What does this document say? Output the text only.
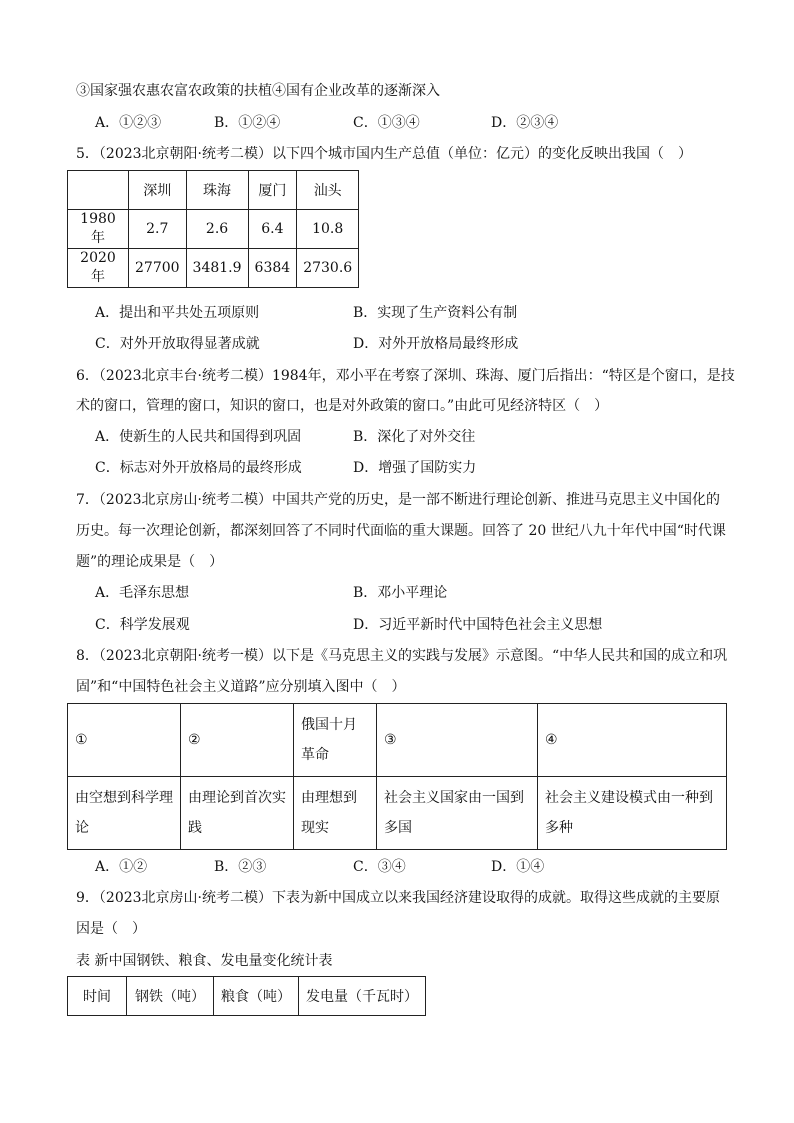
③国家强农惠农富农政策的扶植④国有企业改革的逐渐深入
A．①②③	B．①②④	C．①③④	D．②③④
5．（2023北京朝阳·统考二模）以下四个城市国内生产总值（单位：亿元）的变化反映出我国（　）
	深圳	珠海	厦门	汕头
1980年	2.7	2.6	6.4	10.8
2020年	27700	3481.9	6384	2730.6
A．提出和平共处五项原则	B．实现了生产资料公有制
C．对外开放取得显著成就	D．对外开放格局最终形成
6．（2023北京丰台·统考二模）1984年，邓小平在考察了深圳、珠海、厦门后指出：“特区是个窗口，是技
术的窗口，管理的窗口，知识的窗口，也是对外政策的窗口。”由此可见经济特区（　）
A．使新生的人民共和国得到巩固	B．深化了对外交往
C．标志对外开放格局的最终形成	D．增强了国防实力
7．（2023北京房山·统考二模）中国共产党的历史，是一部不断进行理论创新、推进马克思主义中国化的
历史。每一次理论创新，都深刻回答了不同时代面临的重大课题。回答了 20 世纪八九十年代中国“时代课
题”的理论成果是（　）
A．毛泽东思想	B．邓小平理论
C．科学发展观	D．习近平新时代中国特色社会主义思想
8．（2023北京朝阳·统考一模）以下是《马克思主义的实践与发展》示意图。“中华人民共和国的成立和巩
固”和“中国特色社会主义道路”应分别填入图中（　）
①	②	俄国十月革命	③	④
由空想到科学理论	由理论到首次实践	由理想到现实	社会主义国家由一国到多国	社会主义建设模式由一种到多种
A．①②	B．②③	C．③④	D．①④
9．（2023北京房山·统考二模）下表为新中国成立以来我国经济建设取得的成就。取得这些成就的主要原
因是（　）
表 新中国钢铁、粮食、发电量变化统计表
时间	钢铁（吨）	粮食（吨）	发电量（千瓦时）
